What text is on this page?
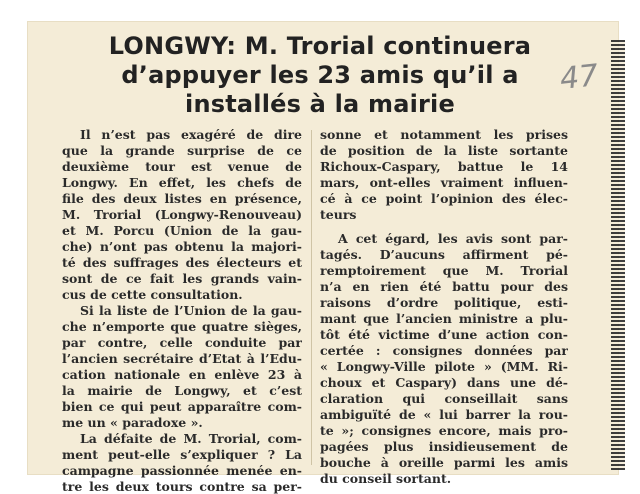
LONGWY: M. Trorial continuera
d’appuyer les 23 amis qu’il a
installés à la mairie
47
Il n’est pas exagéré de dire
que la grande surprise de ce
deuxième tour est venue de
Longwy. En effet, les chefs de
file des deux listes en présence,
M. Trorial (Longwy-Renouveau)
et M. Porcu (Union de la gau-
che) n’ont pas obtenu la majori-
té des suffrages des électeurs et
sont de ce fait les grands vain-
cus de cette consultation.
Si la liste de l’Union de la gau-
che n’emporte que quatre sièges,
par contre, celle conduite par
l’ancien secrétaire d’Etat à l’Edu-
cation nationale en enlève 23 à
la mairie de Longwy, et c’est
bien ce qui peut apparaître com-
me un « paradoxe ».
La défaite de M. Trorial, com-
ment peut-elle s’expliquer ? La
campagne passionnée menée en-
tre les deux tours contre sa per-
sonne et notamment les prises
de position de la liste sortante
Richoux-Caspary, battue le 14
mars, ont-elles vraiment influen-
cé à ce point l’opinion des élec-
teurs
A cet égard, les avis sont par-
tagés. D’aucuns affirment pé-
remptoirement que M. Trorial
n’a en rien été battu pour des
raisons d’ordre politique, esti-
mant que l’ancien ministre a plu-
tôt été victime d’une action con-
certée : consignes données par
« Longwy-Ville pilote » (MM. Ri-
choux et Caspary) dans une dé-
claration qui conseillait sans
ambiguïté de « lui barrer la rou-
te »; consignes encore, mais pro-
pagées plus insidieusement de
bouche à oreille parmi les amis
du conseil sortant.
